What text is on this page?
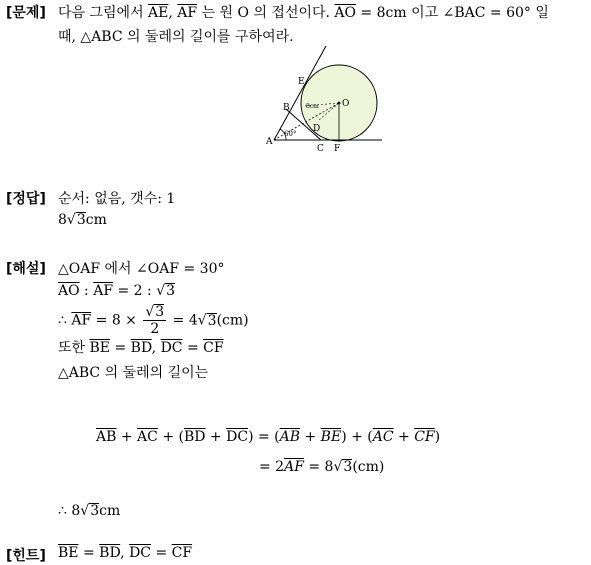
[문제] 다음 그림에서 $\overline{AE}$, $\overline{AF}$ 는 원 O 의 접선이다. $\overline{AO} = 8cm$ 이고 ∠BAC = 60° 일
때, △ABC 의 둘레의 길이를 구하여라.
E
B	O
8cm
D
A
60°
C F
[정답] 순서: 없음, 갯수: 1
8√3cm
[해설] △OAF 에서 ∠OAF = 30°
$\overline{AO}$ : $\overline{AF} = 2$ : √3
∴ $\overline{AF} = 8 \times \frac{√3}{2} = 4√3(cm)$
또한 $\overline{BE} = \overline{BD}$, $\overline{DC} = \overline{CF}$
△ABC 의 둘레의 길이는
$\overline{AB} + \overline{AC} + (\overline{BD} + \overline{DC}) = (\overline{AB} + \overline{BE}) + (\overline{AC} + \overline{CF})$
= $2\overline{AF} = 8√3(cm)$
∴ 8√3cm
[힌트] $\overline{BE} = \overline{BD}$, $\overline{DC} = \overline{CF}$
